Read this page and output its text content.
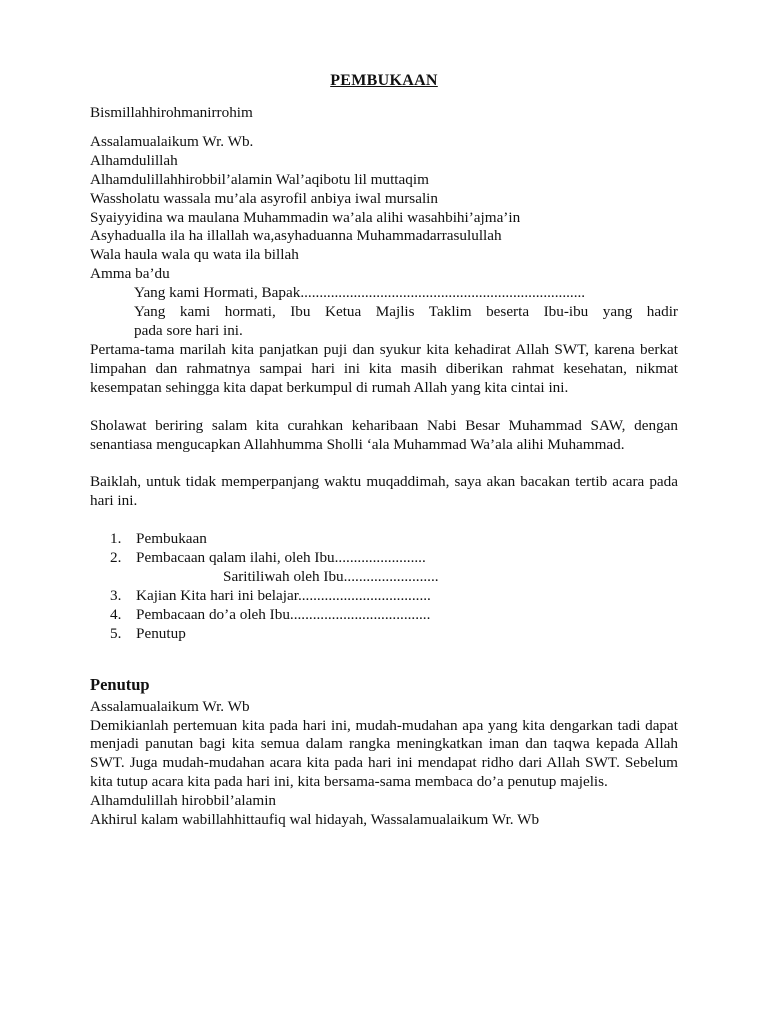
PEMBUKAAN

Bismillahhirohmanirrohim

Assalamualaikum Wr. Wb.

Alhamdulillah

Alhamdulillahhirobbil’alamin Wal’aqibotu lil muttaqim

Wassholatu wassala mu’ala asyrofil anbiya iwal mursalin

Syaiyyidina wa maulana Muhammadin wa’ala alihi wasahbihi’ajma’in

Asyhadualla ila ha illallah wa,asyhaduanna Muhammadarrasulullah

Wala haula wala qu wata ila billah

Amma ba’du

Yang kami Hormati, Bapak...........................................................................

Yang kami hormati, Ibu Ketua Majlis Taklim beserta Ibu-ibu yang hadir

pada sore hari ini.

Pertama-tama marilah kita panjatkan puji dan syukur kita kehadirat Allah SWT, karena berkat limpahan dan rahmatnya sampai hari ini kita masih diberikan rahmat kesehatan, nikmat kesempatan sehingga kita dapat berkumpul di rumah Allah yang kita cintai ini.

Sholawat beriring salam kita curahkan keharibaan Nabi Besar Muhammad SAW, dengan senantiasa mengucapkan Allahhumma Sholli ‘ala Muhammad Wa’ala alihi Muhammad.

Baiklah, untuk tidak memperpanjang waktu muqaddimah, saya akan bacakan tertib acara pada hari ini.

1. Pembukaan
2. Pembacaan qalam ilahi, oleh Ibu........................
Saritiliwah oleh Ibu.........................
3. Kajian Kita hari ini belajar...................................
4. Pembacaan do’a oleh Ibu.....................................
5. Penutup
Penutup

Assalamualaikum Wr. Wb

Demikianlah pertemuan kita pada hari ini, mudah-mudahan apa yang kita dengarkan tadi dapat menjadi panutan bagi kita semua dalam rangka meningkatkan iman dan taqwa kepada Allah SWT. Juga mudah-mudahan acara kita pada hari ini mendapat ridho dari Allah SWT. Sebelum kita tutup acara kita pada hari ini, kita bersama-sama membaca do’a penutup majelis.

Alhamdulillah hirobbil’alamin

Akhirul kalam wabillahhittaufiq wal hidayah, Wassalamualaikum Wr. Wb
